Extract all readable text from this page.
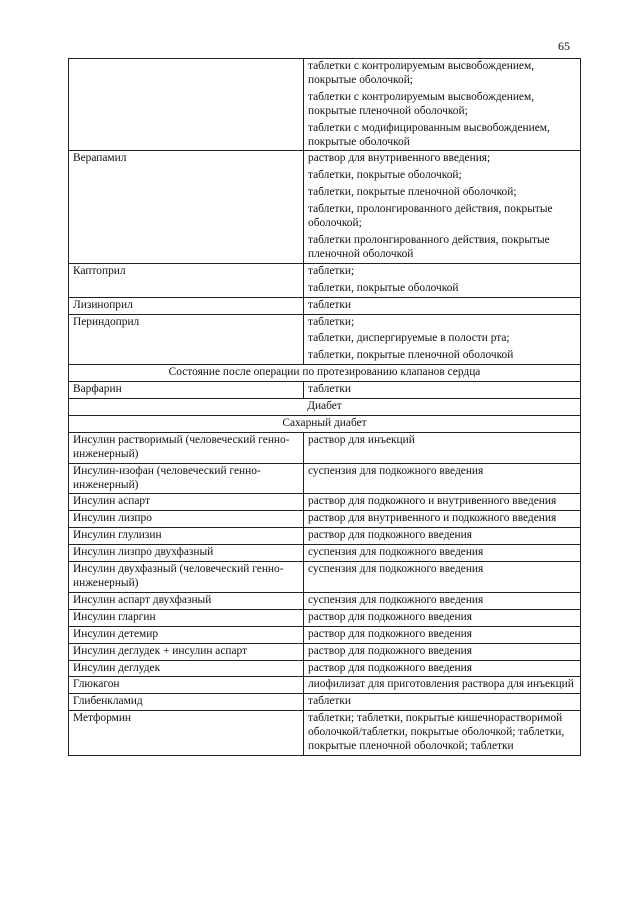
65

	таблетки с контролируемым высвобождением, покрытые оболочкой;
таблетки с контролируемым высвобождением, покрытые пленочной оболочкой;
таблетки с модифицированным высвобождением, покрытые оболочкой

Верапамил	раствор для внутривенного введения;
таблетки, покрытые оболочкой;
таблетки, покрытые пленочной оболочкой;
таблетки, пролонгированного действия, покрытые оболочкой;
таблетки пролонгированного действия, покрытые пленочной оболочкой

Каптоприл	таблетки;
таблетки, покрытые оболочкой

Лизиноприл	таблетки

Периндоприл	таблетки;
таблетки, диспергируемые в полости рта;
таблетки, покрытые пленочной оболочкой

Состояние после операции по протезированию клапанов сердца	
Варфарин	таблетки

Диабет	
Сахарный диабет	
Инсулин растворимый (человеческий генно-инженерный)	раствор для инъекций

Инсулин-изофан (человеческий генно-инженерный)	суспензия для подкожного введения

Инсулин аспарт	раствор для подкожного и внутривенного введения

Инсулин лизпро	раствор для внутривенного и подкожного введения

Инсулин глулизин	раствор для подкожного введения

Инсулин лизпро двухфазный	суспензия для подкожного введения

Инсулин двухфазный (человеческий генно-инженерный)	суспензия для подкожного введения

Инсулин аспарт двухфазный	суспензия для подкожного введения

Инсулин гларгин	раствор для подкожного введения

Инсулин детемир	раствор для подкожного введения

Инсулин деглудек + инсулин аспарт	раствор для подкожного введения

Инсулин деглудек	раствор для подкожного введения

Глюкагон	лиофилизат для приготовления раствора для инъекций

Глибенкламид	таблетки

Метформин	таблетки; таблетки, покрытые кишечнорастворимой оболочкой/таблетки, покрытые оболочкой; таблетки, покрытые пленочной оболочкой; таблетки
